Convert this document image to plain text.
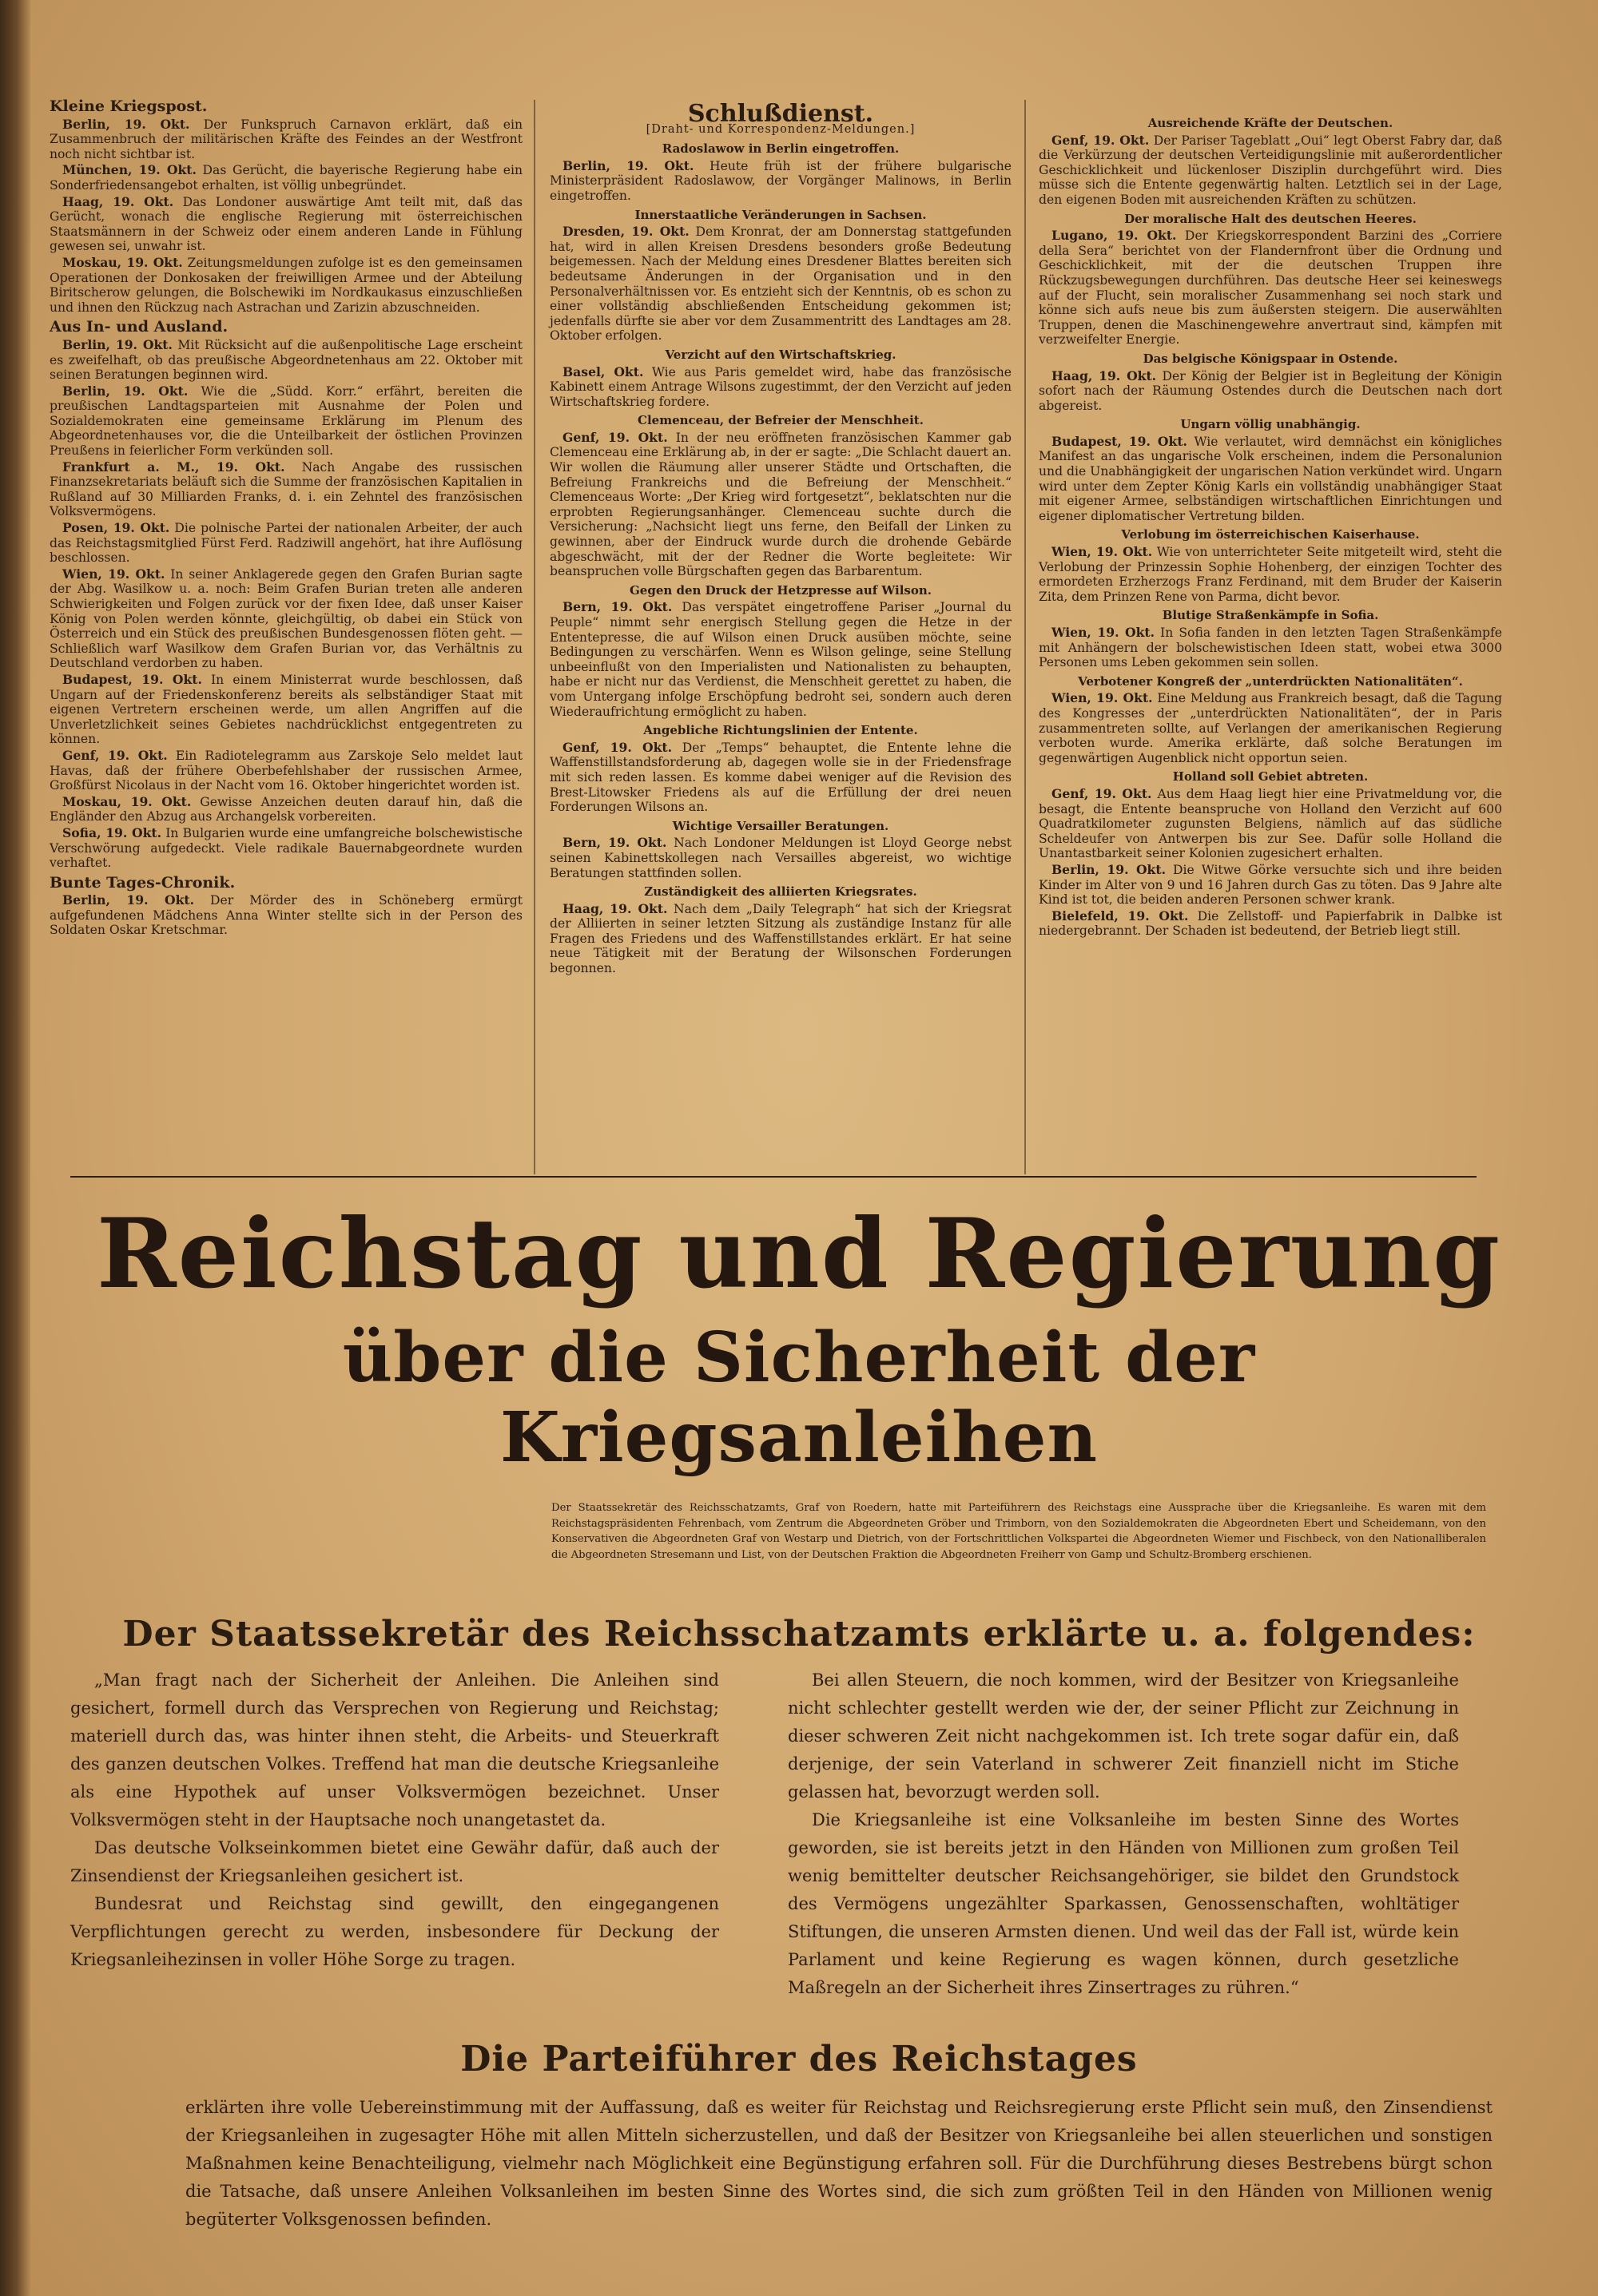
Kleine Kriegspost.

Berlin, 19. Okt. Der Funkspruch Carnavon erklärt, daß ein Zusammenbruch der militärischen Kräfte des Feindes an der Westfront noch nicht sichtbar ist.

München, 19. Okt. Das Gerücht, die bayerische Regierung habe ein Sonderfriedensangebot erhalten, ist völlig unbegründet.

Haag, 19. Okt. Das Londoner auswärtige Amt teilt mit, daß das Gerücht, wonach die englische Regierung mit österreichischen Staatsmännern in der Schweiz oder einem anderen Lande in Fühlung gewesen sei, unwahr ist.

Moskau, 19. Okt. Zeitungsmeldungen zufolge ist es den gemeinsamen Operationen der Donkosaken der freiwilligen Armee und der Abteilung Biritscherow gelungen, die Bolschewiki im Nordkaukasus einzuschließen und ihnen den Rückzug nach Astrachan und Zarizin abzuschneiden.

Aus In- und Ausland.

Berlin, 19. Okt. Mit Rücksicht auf die außenpolitische Lage erscheint es zweifelhaft, ob das preußische Abgeordnetenhaus am 22. Oktober mit seinen Beratungen beginnen wird.

Berlin, 19. Okt. Wie die „Südd. Korr.“ erfährt, bereiten die preußischen Landtagsparteien mit Ausnahme der Polen und Sozialdemokraten eine gemeinsame Erklärung im Plenum des Abgeordnetenhauses vor, die die Unteilbarkeit der östlichen Provinzen Preußens in feierlicher Form verkünden soll.

Frankfurt a. M., 19. Okt. Nach Angabe des russischen Finanzsekretariats beläuft sich die Summe der französischen Kapitalien in Rußland auf 30 Milliarden Franks, d. i. ein Zehntel des französischen Volksvermögens.

Posen, 19. Okt. Die polnische Partei der nationalen Arbeiter, der auch das Reichstagsmitglied Fürst Ferd. Radziwill angehört, hat ihre Auflösung beschlossen.

Wien, 19. Okt. In seiner Anklagerede gegen den Grafen Burian sagte der Abg. Wasilkow u. a. noch: Beim Grafen Burian treten alle anderen Schwierigkeiten und Folgen zurück vor der fixen Idee, daß unser Kaiser König von Polen werden könnte, gleichgültig, ob dabei ein Stück von Österreich und ein Stück des preußischen Bundesgenossen flöten geht. — Schließlich warf Wasilkow dem Grafen Burian vor, das Verhältnis zu Deutschland verdorben zu haben.

Budapest, 19. Okt. In einem Ministerrat wurde beschlossen, daß Ungarn auf der Friedenskonferenz bereits als selbständiger Staat mit eigenen Vertretern erscheinen werde, um allen Angriffen auf die Unverletzlichkeit seines Gebietes nachdrücklichst entgegentreten zu können.

Genf, 19. Okt. Ein Radiotelegramm aus Zarskoje Selo meldet laut Havas, daß der frühere Oberbefehlshaber der russischen Armee, Großfürst Nicolaus in der Nacht vom 16. Oktober hingerichtet worden ist.

Moskau, 19. Okt. Gewisse Anzeichen deuten darauf hin, daß die Engländer den Abzug aus Archangelsk vorbereiten.

Sofia, 19. Okt. In Bulgarien wurde eine umfangreiche bolschewistische Verschwörung aufgedeckt. Viele radikale Bauernabgeordnete wurden verhaftet.

Bunte Tages-Chronik.

Berlin, 19. Okt. Der Mörder des in Schöneberg ermürgt aufgefundenen Mädchens Anna Winter stellte sich in der Person des Soldaten Oskar Kretschmar.

Schlußdienst.
[Draht- und Korrespondenz-Meldungen.]
Radoslawow in Berlin eingetroffen.

Berlin, 19. Okt. Heute früh ist der frühere bulgarische Ministerpräsident Radoslawow, der Vorgänger Malinows, in Berlin eingetroffen.

Innerstaatliche Veränderungen in Sachsen.

Dresden, 19. Okt. Dem Kronrat, der am Donnerstag stattgefunden hat, wird in allen Kreisen Dresdens besonders große Bedeutung beigemessen. Nach der Meldung eines Dresdener Blattes bereiten sich bedeutsame Änderungen in der Organisation und in den Personalverhältnissen vor. Es entzieht sich der Kenntnis, ob es schon zu einer vollständig abschließenden Entscheidung gekommen ist; jedenfalls dürfte sie aber vor dem Zusammentritt des Landtages am 28. Oktober erfolgen.

Verzicht auf den Wirtschaftskrieg.

Basel, Okt. Wie aus Paris gemeldet wird, habe das französische Kabinett einem Antrage Wilsons zugestimmt, der den Verzicht auf jeden Wirtschaftskrieg fordere.

Clemenceau, der Befreier der Menschheit.

Genf, 19. Okt. In der neu eröffneten französischen Kammer gab Clemenceau eine Erklärung ab, in der er sagte: „Die Schlacht dauert an. Wir wollen die Räumung aller unserer Städte und Ortschaften, die Befreiung Frankreichs und die Befreiung der Menschheit.“ Clemenceaus Worte: „Der Krieg wird fortgesetzt“, beklatschten nur die erprobten Regierungsanhänger. Clemenceau suchte durch die Versicherung: „Nachsicht liegt uns ferne, den Beifall der Linken zu gewinnen, aber der Eindruck wurde durch die drohende Gebärde abgeschwächt, mit der der Redner die Worte begleitete: Wir beanspruchen volle Bürgschaften gegen das Barbarentum.

Gegen den Druck der Hetzpresse auf Wilson.

Bern, 19. Okt. Das verspätet eingetroffene Pariser „Journal du Peuple“ nimmt sehr energisch Stellung gegen die Hetze in der Ententepresse, die auf Wilson einen Druck ausüben möchte, seine Bedingungen zu verschärfen. Wenn es Wilson gelinge, seine Stellung unbeeinflußt von den Imperialisten und Nationalisten zu behaupten, habe er nicht nur das Verdienst, die Menschheit gerettet zu haben, die vom Untergang infolge Erschöpfung bedroht sei, sondern auch deren Wiederaufrichtung ermöglicht zu haben.

Angebliche Richtungslinien der Entente.

Genf, 19. Okt. Der „Temps“ behauptet, die Entente lehne die Waffenstillstandsforderung ab, dagegen wolle sie in der Friedensfrage mit sich reden lassen. Es komme dabei weniger auf die Revision des Brest-Litowsker Friedens als auf die Erfüllung der drei neuen Forderungen Wilsons an.

Wichtige Versailler Beratungen.

Bern, 19. Okt. Nach Londoner Meldungen ist Lloyd George nebst seinen Kabinettskollegen nach Versailles abgereist, wo wichtige Beratungen stattfinden sollen.

Zuständigkeit des alliierten Kriegsrates.

Haag, 19. Okt. Nach dem „Daily Telegraph“ hat sich der Kriegsrat der Alliierten in seiner letzten Sitzung als zuständige Instanz für alle Fragen des Friedens und des Waffenstillstandes erklärt. Er hat seine neue Tätigkeit mit der Beratung der Wilsonschen Forderungen begonnen.

Ausreichende Kräfte der Deutschen.

Genf, 19. Okt. Der Pariser Tageblatt „Oui“ legt Oberst Fabry dar, daß die Verkürzung der deutschen Verteidigungslinie mit außerordentlicher Geschicklichkeit und lückenloser Disziplin durchgeführt wird. Dies müsse sich die Entente gegenwärtig halten. Letztlich sei in der Lage, den eigenen Boden mit ausreichenden Kräften zu schützen.

Der moralische Halt des deutschen Heeres.

Lugano, 19. Okt. Der Kriegskorrespondent Barzini des „Corriere della Sera“ berichtet von der Flandernfront über die Ordnung und Geschicklichkeit, mit der die deutschen Truppen ihre Rückzugsbewegungen durchführen. Das deutsche Heer sei keineswegs auf der Flucht, sein moralischer Zusammenhang sei noch stark und könne sich aufs neue bis zum äußersten steigern. Die auserwählten Truppen, denen die Maschinengewehre anvertraut sind, kämpfen mit verzweifelter Energie.

Das belgische Königspaar in Ostende.

Haag, 19. Okt. Der König der Belgier ist in Begleitung der Königin sofort nach der Räumung Ostendes durch die Deutschen nach dort abgereist.

Ungarn völlig unabhängig.

Budapest, 19. Okt. Wie verlautet, wird demnächst ein königliches Manifest an das ungarische Volk erscheinen, indem die Personalunion und die Unabhängigkeit der ungarischen Nation verkündet wird. Ungarn wird unter dem Zepter König Karls ein vollständig unabhängiger Staat mit eigener Armee, selbständigen wirtschaftlichen Einrichtungen und eigener diplomatischer Vertretung bilden.

Verlobung im österreichischen Kaiserhause.

Wien, 19. Okt. Wie von unterrichteter Seite mitgeteilt wird, steht die Verlobung der Prinzessin Sophie Hohenberg, der einzigen Tochter des ermordeten Erzherzogs Franz Ferdinand, mit dem Bruder der Kaiserin Zita, dem Prinzen Rene von Parma, dicht bevor.

Blutige Straßenkämpfe in Sofia.

Wien, 19. Okt. In Sofia fanden in den letzten Tagen Straßenkämpfe mit Anhängern der bolschewistischen Ideen statt, wobei etwa 3000 Personen ums Leben gekommen sein sollen.

Verbotener Kongreß der „unterdrückten Nationalitäten“.

Wien, 19. Okt. Eine Meldung aus Frankreich besagt, daß die Tagung des Kongresses der „unterdrückten Nationalitäten“, der in Paris zusammentreten sollte, auf Verlangen der amerikanischen Regierung verboten wurde. Amerika erklärte, daß solche Beratungen im gegenwärtigen Augenblick nicht opportun seien.

Holland soll Gebiet abtreten.

Genf, 19. Okt. Aus dem Haag liegt hier eine Privatmeldung vor, die besagt, die Entente beanspruche von Holland den Verzicht auf 600 Quadratkilometer zugunsten Belgiens, nämlich auf das südliche Scheldeufer von Antwerpen bis zur See. Dafür solle Holland die Unantastbarkeit seiner Kolonien zugesichert erhalten.

Berlin, 19. Okt. Die Witwe Görke versuchte sich und ihre beiden Kinder im Alter von 9 und 16 Jahren durch Gas zu töten. Das 9 Jahre alte Kind ist tot, die beiden anderen Personen schwer krank.

Bielefeld, 19. Okt. Die Zellstoff- und Papierfabrik in Dalbke ist niedergebrannt. Der Schaden ist bedeutend, der Betrieb liegt still.

Reichstag und Regierung
über die Sicherheit der Kriegsanleihen
Der Staatssekretär des Reichsschatzamts, Graf von Roedern, hatte mit Parteiführern des Reichstags eine Aussprache über die Kriegsanleihe. Es waren mit dem Reichstagspräsidenten Fehrenbach, vom Zentrum die Abgeordneten Gröber und Trimborn, von den Sozialdemokraten die Abgeordneten Ebert und Scheidemann, von den Konservativen die Abgeordneten Graf von Westarp und Dietrich, von der Fortschrittlichen Volkspartei die Abgeordneten Wiemer und Fischbeck, von den Nationalliberalen die Abgeordneten Stresemann und List, von der Deutschen Fraktion die Abgeordneten Freiherr von Gamp und Schultz-Bromberg erschienen.
Der Staatssekretär des Reichsschatzamts erklärte u. a. folgendes:

„Man fragt nach der Sicherheit der Anleihen. Die Anleihen sind gesichert, formell durch das Versprechen von Regierung und Reichstag; materiell durch das, was hinter ihnen steht, die Arbeits- und Steuerkraft des ganzen deutschen Volkes. Treffend hat man die deutsche Kriegsanleihe als eine Hypothek auf unser Volksvermögen bezeichnet. Unser Volksvermögen steht in der Hauptsache noch unangetastet da.

Das deutsche Volkseinkommen bietet eine Gewähr dafür, daß auch der Zinsendienst der Kriegsanleihen gesichert ist.

Bundesrat und Reichstag sind gewillt, den eingegangenen Verpflichtungen gerecht zu werden, insbesondere für Deckung der Kriegsanleihezinsen in voller Höhe Sorge zu tragen.

Bei allen Steuern, die noch kommen, wird der Besitzer von Kriegsanleihe nicht schlechter gestellt werden wie der, der seiner Pflicht zur Zeichnung in dieser schweren Zeit nicht nachgekommen ist. Ich trete sogar dafür ein, daß derjenige, der sein Vaterland in schwerer Zeit finanziell nicht im Stiche gelassen hat, bevorzugt werden soll.

Die Kriegsanleihe ist eine Volksanleihe im besten Sinne des Wortes geworden, sie ist bereits jetzt in den Händen von Millionen zum großen Teil wenig bemittelter deutscher Reichsangehöriger, sie bildet den Grundstock des Vermögens ungezählter Sparkassen, Genossenschaften, wohltätiger Stiftungen, die unseren Armsten dienen. Und weil das der Fall ist, würde kein Parlament und keine Regierung es wagen können, durch gesetzliche Maßregeln an der Sicherheit ihres Zinsertrages zu rühren.“

Die Parteiführer des Reichstages
erklärten ihre volle Uebereinstimmung mit der Auffassung, daß es weiter für Reichstag und Reichsregierung erste Pflicht sein muß, den Zinsendienst der Kriegsanleihen in zugesagter Höhe mit allen Mitteln sicherzustellen, und daß der Besitzer von Kriegsanleihe bei allen steuerlichen und sonstigen Maßnahmen keine Benachteiligung, vielmehr nach Möglichkeit eine Begünstigung erfahren soll. Für die Durchführung dieses Bestrebens bürgt schon die Tatsache, daß unsere Anleihen Volksanleihen im besten Sinne des Wortes sind, die sich zum größten Teil in den Händen von Millionen wenig begüterter Volksgenossen befinden.
